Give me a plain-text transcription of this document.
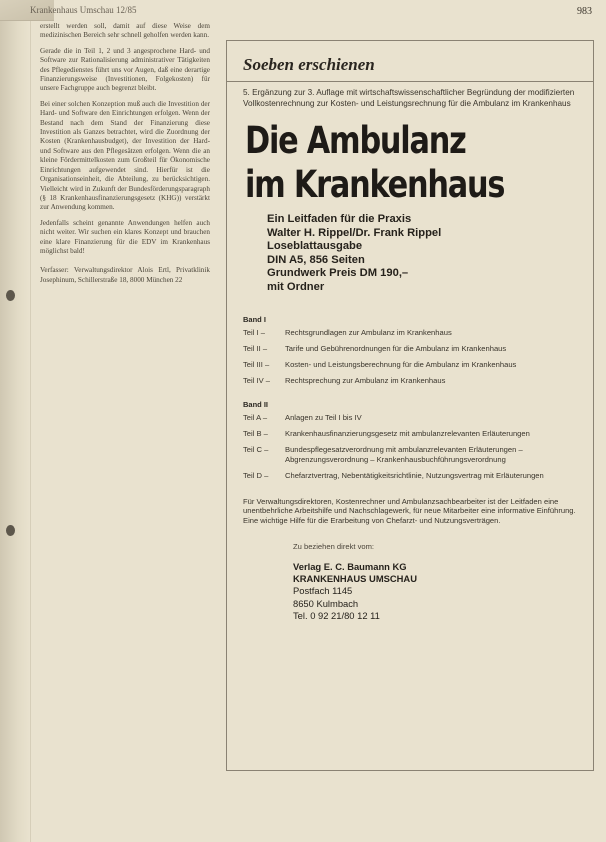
Krankenhaus Umschau 12/85	983

erstellt werden soll, damit auf diese Weise dem medizinischen Bereich sehr schnell geholfen werden kann.

Gerade die in Teil 1, 2 und 3 angesprochene Hard- und Software zur Rationalisierung administrativer Tätigkeiten des Pflegedienstes führt uns vor Augen, daß eine derartige Finanzierungsweise (Investitionen, Folgekosten) für unsere Fachgruppe auch begrenzt bleibt.

Bei einer solchen Konzeption muß auch die Investition der Hard- und Software den Einrichtungen erfolgen. Wenn der Bestand nach dem Stand der Finanzierung diese Investition als Ganzes betrachtet, wird die Zuordnung der Kosten (Krankenhausbudget), der Investition der Hard- und Software aus den Pflegesätzen erfolgen. Wenn die an kleine Fördermittelkosten zum Großteil für Ökonomische Einrichtungen aufgewendet sind. Hierfür ist die Organisationseinheit, die Abteilung, zu berücksichtigen. Vielleicht wird in Zukunft der Bundesförderungsparagraph (§ 18 Krankenhausfinanzierungsgesetz (KHG)) verstärkt zur Anwendung kommen.

Jedenfalls scheint genannte Anwendungen helfen auch nicht weiter. Wir suchen ein klares Konzept und brauchen eine klare Finanzierung für die EDV im Krankenhaus möglichst bald!

Verfasser: Verwaltungsdirektor Alois Ertl, Privatklinik Josephinum, Schillerstraße 18, 8000 München 22

Soeben erschienen
5. Ergänzung zur 3. Auflage mit wirtschaftswissenschaftlicher Begründung der modifizierten Vollkostenrechnung zur Kosten- und Leistungsrechnung für die Ambulanz im Krankenhaus
Die Ambulanz
im Krankenhaus
Ein Leitfaden für die Praxis
Walter H. Rippel/Dr. Frank Rippel
Loseblattausgabe
DIN A5, 856 Seiten
Grundwerk Preis DM 190,–
mit Ordner
Band I
Teil I –	Rechtsgrundlagen zur Ambulanz im Krankenhaus
Teil II –	Tarife und Gebührenordnungen für die Ambulanz im Krankenhaus
Teil III –	Kosten- und Leistungsberechnung für die Ambulanz im Krankenhaus
Teil IV –	Rechtsprechung zur Ambulanz im Krankenhaus
Band II
Teil A –	Anlagen zu Teil I bis IV
Teil B –	Krankenhausfinanzierungsgesetz mit ambulanzrelevanten Erläuterungen
Teil C –	Bundespflegesatzverordnung mit ambulanzrelevanten Erläuterungen – Abgrenzungsverordnung – Krankenhausbuchführungsverordnung
Teil D –	Chefarztvertrag, Nebentätigkeitsrichtlinie, Nutzungsvertrag mit Erläuterungen
Für Verwaltungsdirektoren, Kostenrechner und Ambulanzsachbearbeiter ist der Leitfaden eine unentbehrliche Arbeitshilfe und Nachschlagewerk, für neue Mitarbeiter eine informative Einführung. Eine wichtige Hilfe für die Erarbeitung von Chefarzt- und Nutzungsverträgen.
Zu beziehen direkt vom:
Verlag E. C. Baumann KG
KRANKENHAUS UMSCHAU
Postfach 1145
8650 Kulmbach
Tel. 0 92 21/80 12 11
